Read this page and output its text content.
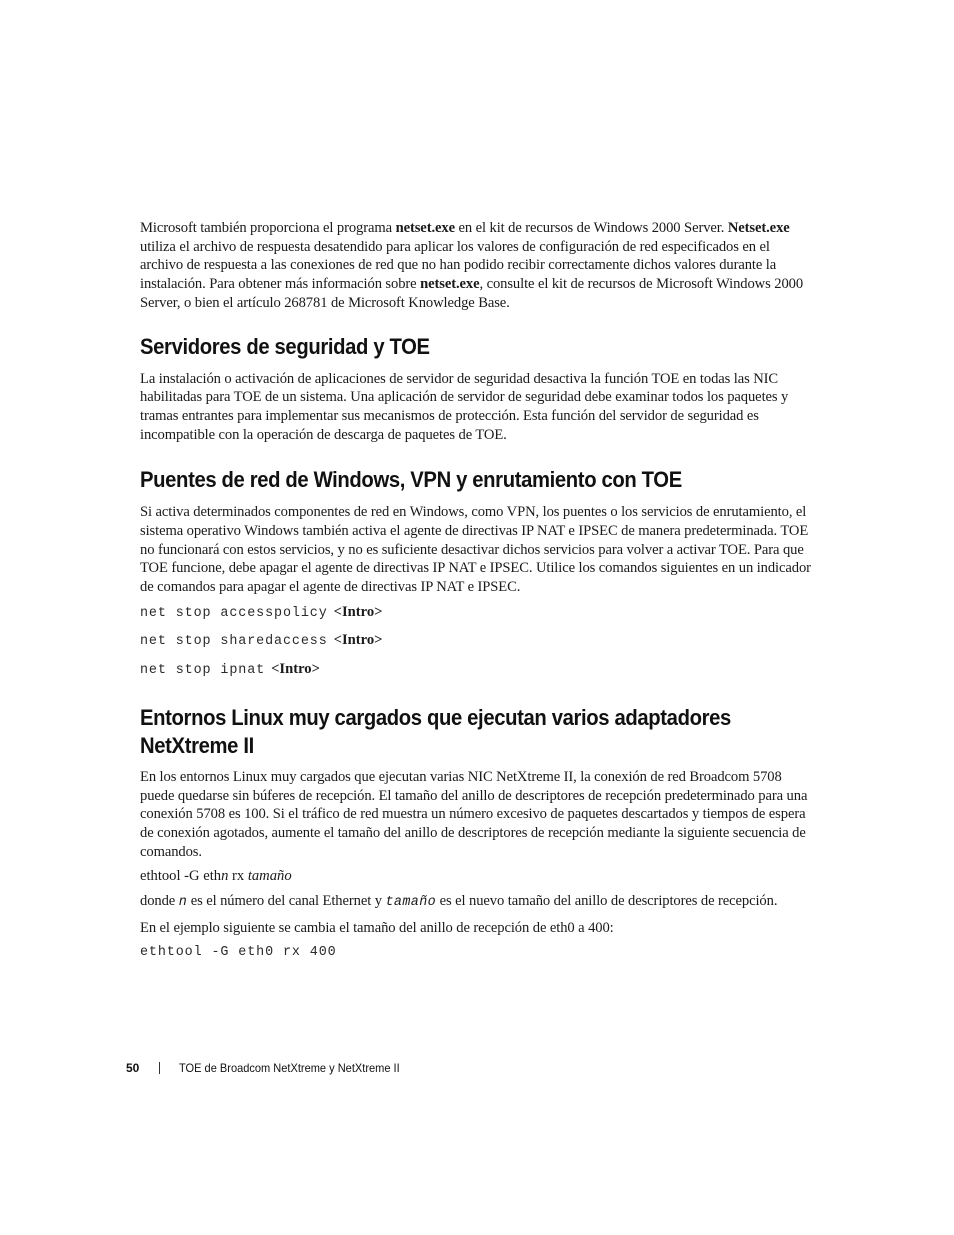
Microsoft también proporciona el programa netset.exe en el kit de recursos de Windows 2000 Server. Netset.exe utiliza el archivo de respuesta desatendido para aplicar los valores de configuración de red especificados en el archivo de respuesta a las conexiones de red que no han podido recibir correctamente dichos valores durante la instalación. Para obtener más información sobre netset.exe, consulte el kit de recursos de Microsoft Windows 2000 Server, o bien el artículo 268781 de Microsoft Knowledge Base.

Servidores de seguridad y TOE

La instalación o activación de aplicaciones de servidor de seguridad desactiva la función TOE en todas las NIC habilitadas para TOE de un sistema. Una aplicación de servidor de seguridad debe examinar todos los paquetes y tramas entrantes para implementar sus mecanismos de protección. Esta función del servidor de seguridad es incompatible con la operación de descarga de paquetes de TOE.

Puentes de red de Windows, VPN y enrutamiento con TOE

Si activa determinados componentes de red en Windows, como VPN, los puentes o los servicios de enrutamiento, el sistema operativo Windows también activa el agente de directivas IP NAT e IPSEC de manera predeterminada. TOE no funcionará con estos servicios, y no es suficiente desactivar dichos servicios para volver a activar TOE. Para que TOE funcione, debe apagar el agente de directivas IP NAT e IPSEC. Utilice los comandos siguientes en un indicador de comandos para apagar el agente de directivas IP NAT e IPSEC.

net stop accesspolicy <Intro>
net stop sharedaccess <Intro>
net stop ipnat <Intro>
Entornos Linux muy cargados que ejecutan varios adaptadores
NetXtreme II

En los entornos Linux muy cargados que ejecutan varias NIC NetXtreme II, la conexión de red Broadcom 5708 puede quedarse sin búferes de recepción. El tamaño del anillo de descriptores de recepción predeterminado para una conexión 5708 es 100. Si el tráfico de red muestra un número excesivo de paquetes descartados y tiempos de espera de conexión agotados, aumente el tamaño del anillo de descriptores de recepción mediante la siguiente secuencia de comandos.

ethtool -G ethn rx tamaño

donde n es el número del canal Ethernet y tamaño es el nuevo tamaño del anillo de descriptores de recepción.

En el ejemplo siguiente se cambia el tamaño del anillo de recepción de eth0 a 400:

ethtool -G eth0 rx 400
50	TOE de Broadcom NetXtreme y NetXtreme II
